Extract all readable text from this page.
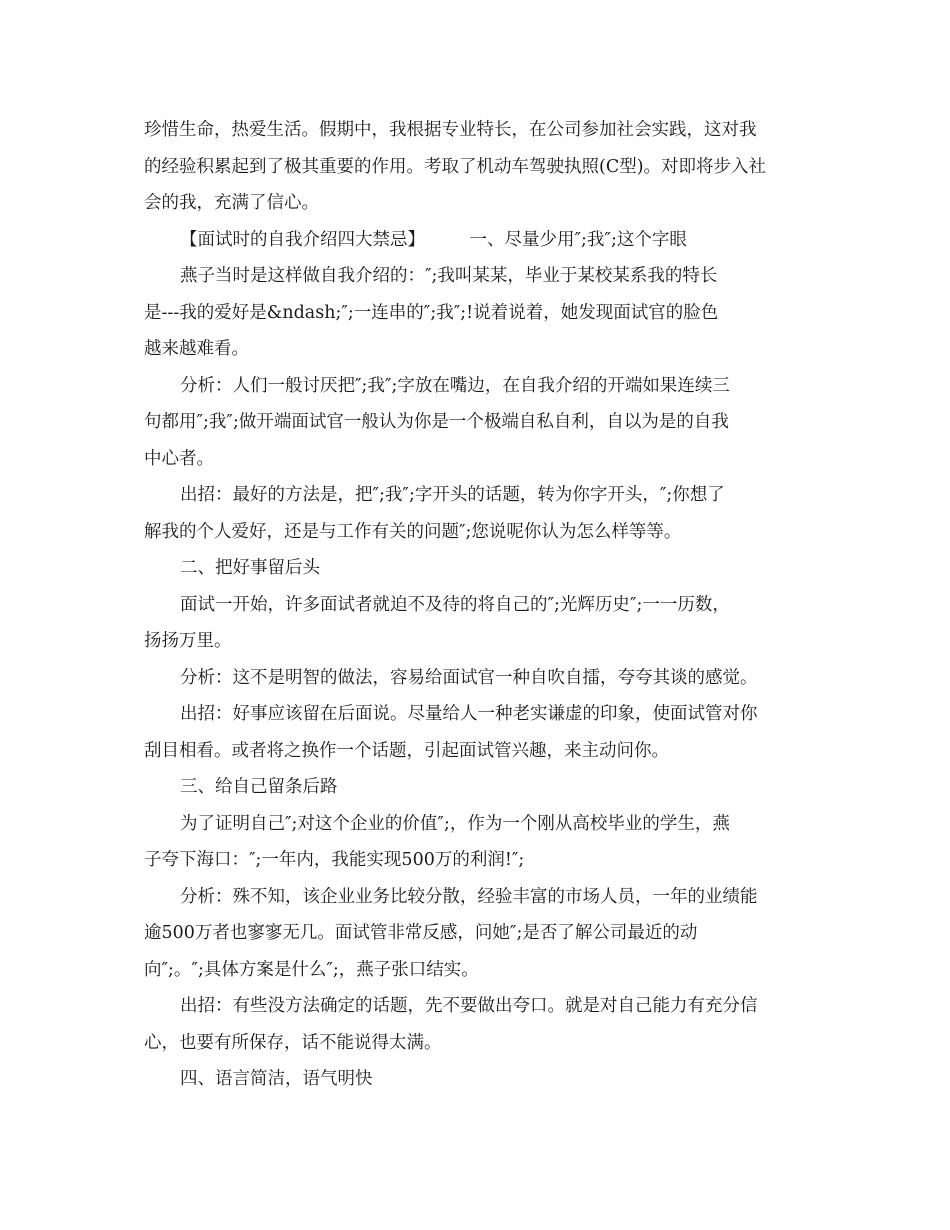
珍惜生命，热爱生活。假期中，我根据专业特长，在公司参加社会实践，这对我
的经验积累起到了极其重要的作用。考取了机动车驾驶执照(C型)。对即将步入社
会的我，充满了信心。
【面试时的自我介绍四大禁忌】        一、尽量少用″;我″;这个字眼
燕子当时是这样做自我介绍的：″;我叫某某，毕业于某校某系我的特长
是---我的爱好是&ndash;″;一连串的″;我″;!说着说着，她发现面试官的脸色
越来越难看。
分析：人们一般讨厌把″;我″;字放在嘴边，在自我介绍的开端如果连续三
句都用″;我″;做开端面试官一般认为你是一个极端自私自利，自以为是的自我
中心者。
出招：最好的方法是，把″;我″;字开头的话题，转为你字开头，″;你想了
解我的个人爱好，还是与工作有关的问题″;您说呢你认为怎么样等等。
二、把好事留后头
面试一开始，许多面试者就迫不及待的将自己的″;光辉历史″;一一历数，
扬扬万里。
分析：这不是明智的做法，容易给面试官一种自吹自擂，夸夸其谈的感觉。
出招：好事应该留在后面说。尽量给人一种老实谦虚的印象，使面试管对你
刮目相看。或者将之换作一个话题，引起面试管兴趣，来主动问你。
三、给自己留条后路
为了证明自己″;对这个企业的价值″;，作为一个刚从高校毕业的学生，燕
子夸下海口：″;一年内，我能实现500万的利润!″;
分析：殊不知，该企业业务比较分散，经验丰富的市场人员，一年的业绩能
逾500万者也寥寥无几。面试管非常反感，问她″;是否了解公司最近的动
向″;。″;具体方案是什么″;，燕子张口结实。
出招：有些没方法确定的话题，先不要做出夸口。就是对自己能力有充分信
心，也要有所保存，话不能说得太满。
四、语言简洁，语气明快
